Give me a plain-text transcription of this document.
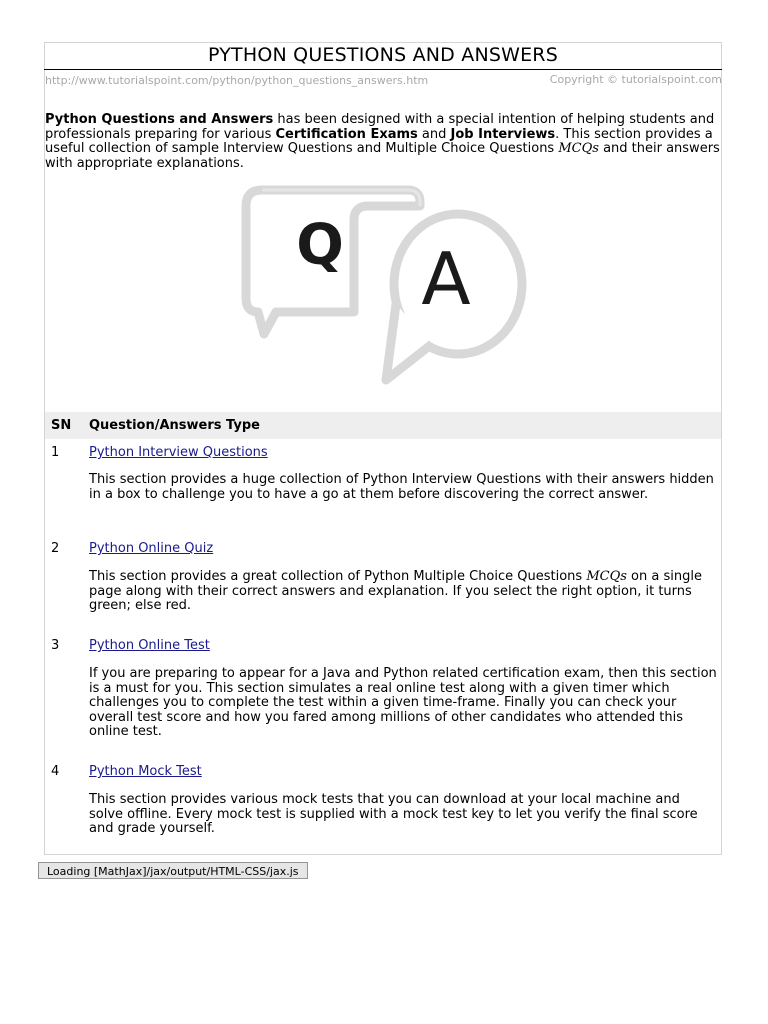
PYTHON QUESTIONS AND ANSWERS
http://www.tutorialspoint.com/python/python_questions_answers.htm	Copyright © tutorialspoint.com

Python Questions and Answers has been designed with a special intention of helping students and professionals preparing for various Certification Exams and Job Interviews. This section provides a useful collection of sample Interview Questions and Multiple Choice Questions MCQs and their answers with appropriate explanations.

Q A
SN Question/Answers Type
1 Python Interview Questions

This section provides a huge collection of Python Interview Questions with their answers hidden in a box to challenge you to have a go at them before discovering the correct answer.

2 Python Online Quiz

This section provides a great collection of Python Multiple Choice Questions MCQs on a single page along with their correct answers and explanation. If you select the right option, it turns green; else red.

3 Python Online Test

If you are preparing to appear for a Java and Python related certification exam, then this section is a must for you. This section simulates a real online test along with a given timer which challenges you to complete the test within a given time-frame. Finally you can check your overall test score and how you fared among millions of other candidates who attended this online test.

4 Python Mock Test

This section provides various mock tests that you can download at your local machine and solve offline. Every mock test is supplied with a mock test key to let you verify the final score and grade yourself.

Loading [MathJax]/jax/output/HTML-CSS/jax.js
